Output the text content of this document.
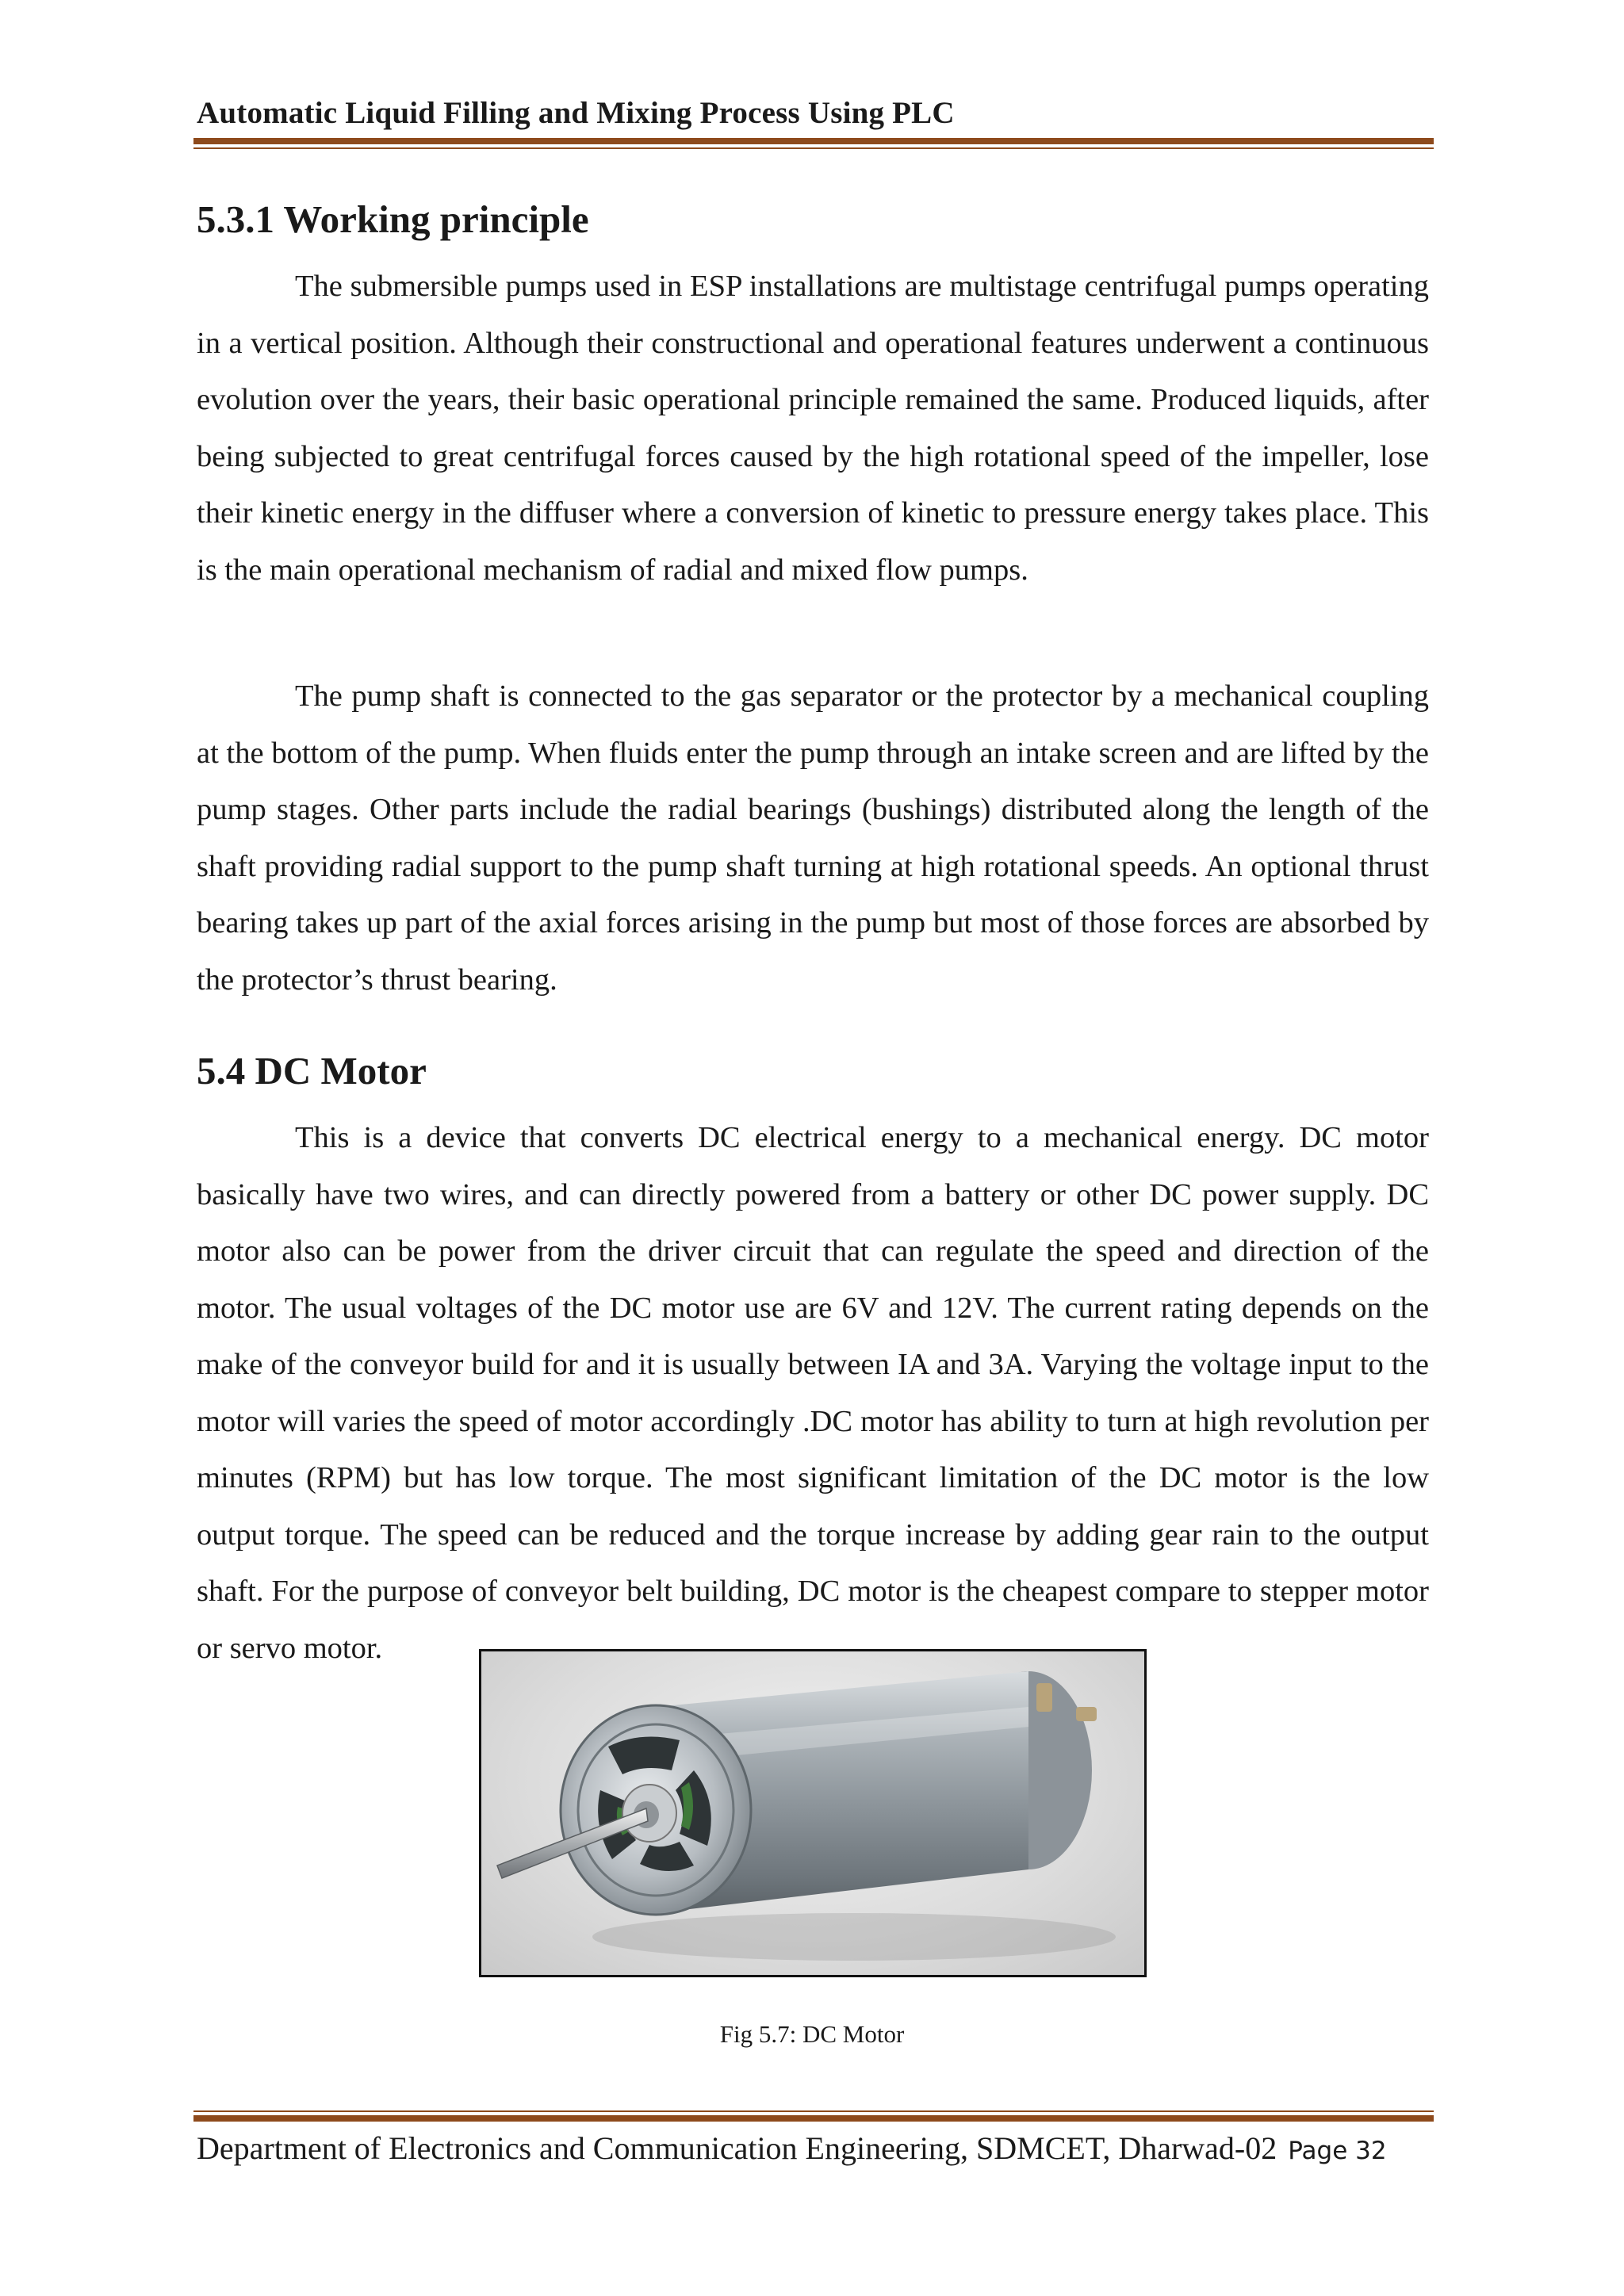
Automatic Liquid Filling and Mixing Process Using PLC
5.3.1 Working principle

The submersible pumps used in ESP installations are multistage centrifugal pumps operating in a vertical position. Although their constructional and operational features underwent a continuous evolution over the years, their basic operational principle remained the same. Produced liquids, after being subjected to great centrifugal forces caused by the high rotational speed of the impeller, lose their kinetic energy in the diffuser where a conversion of kinetic to pressure energy takes place. This is the main operational mechanism of radial and mixed flow pumps.

The pump shaft is connected to the gas separator or the protector by a mechanical coupling at the bottom of the pump. When fluids enter the pump through an intake screen and are lifted by the pump stages. Other parts include the radial bearings (bushings) distributed along the length of the shaft providing radial support to the pump shaft turning at high rotational speeds. An optional thrust bearing takes up part of the axial forces arising in the pump but most of those forces are absorbed by the protector’s thrust bearing.

5.4 DC Motor

This is a device that converts DC electrical energy to a mechanical energy. DC motor basically have two wires, and can directly powered from a battery or other DC power supply. DC motor also can be power from the driver circuit that can regulate the speed and direction of the motor. The usual voltages of the DC motor use are 6V and 12V. The current rating depends on the make of the conveyor build for and it is usually between IA and 3A. Varying the voltage input to the motor will varies the speed of motor accordingly .DC motor has ability to turn at high revolution per minutes (RPM) but has low torque. The most significant limitation of the DC motor is the low output torque. The speed can be reduced and the torque increase by adding gear rain to the output shaft. For the purpose of conveyor belt building, DC motor is the cheapest compare to stepper motor or servo motor.

Fig 5.7: DC Motor
Department of Electronics and Communication Engineering, SDMCET, Dharwad-02 Page 32
